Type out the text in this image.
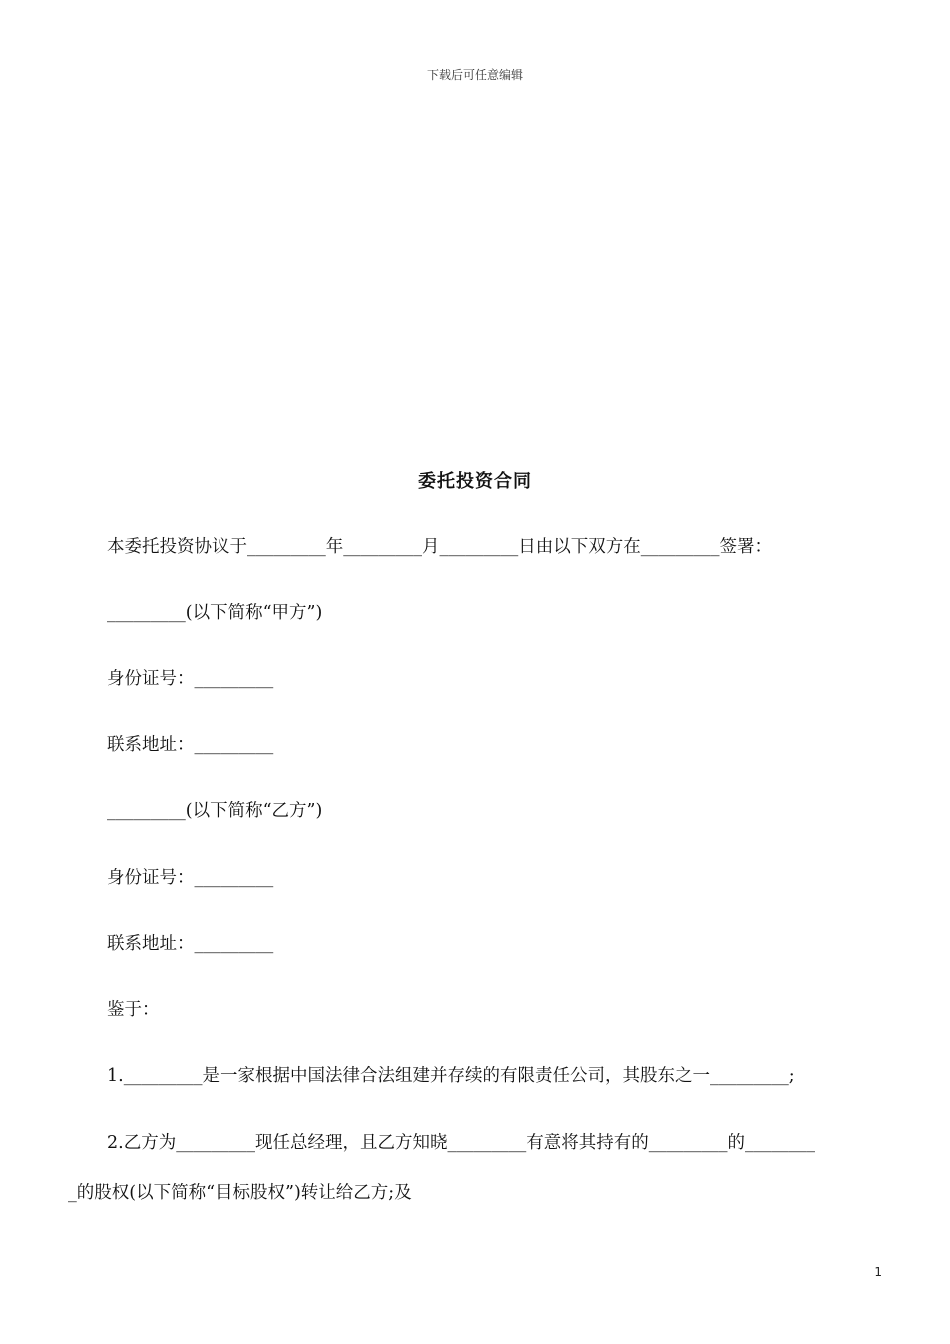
下载后可任意编辑
委托投资合同
本委托投资协议于_________年_________月_________日由以下双方在_________签署：
_________(以下简称“甲方”)
身份证号：_________
联系地址：_________
_________(以下简称“乙方”)
身份证号：_________
联系地址：_________
鉴于：
1._________是一家根据中国法律合法组建并存续的有限责任公司，其股东之一_________;
2.乙方为_________现任总经理，且乙方知晓_________有意将其持有的_________的________
_的股权(以下简称“目标股权”)转让给乙方;及
1
